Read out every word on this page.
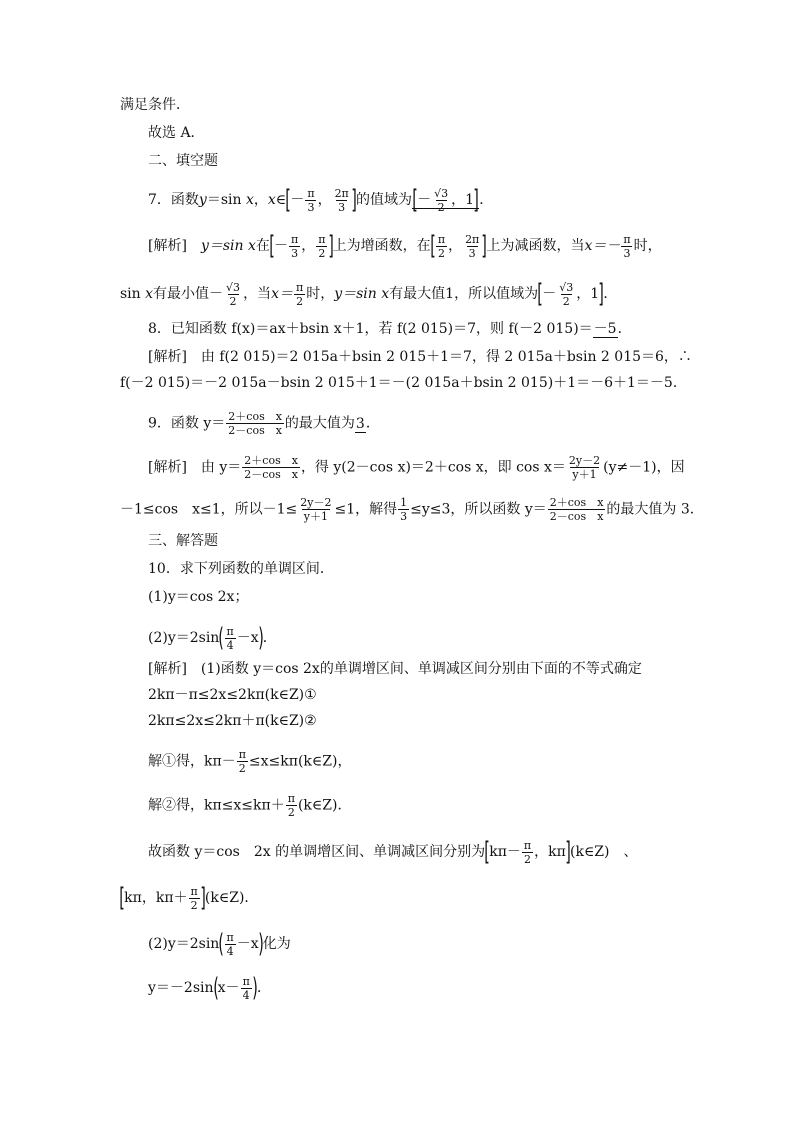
满足条件．
故选 A．
二、填空题
7．函数y＝sin x，x∈[－ $\frac{\pi}{3}$ ， $\frac{2\pi}{3}$ ]的值域为[－ $\frac{√3}{2}$ ，1]．
[解析]　 y＝sin x在[－ $\frac{\pi}{3}$ ， $\frac{\pi}{2}$ ]上为增函数，在[ $\frac{\pi}{2}$ ， $\frac{2\pi}{3}$ ]上为减函数，当$x=- \frac{\pi}{3}$ 时，
sin x有最小值－ $\frac{√3}{2}$ ，当$x= \frac{\pi}{2}$ 时，y＝sin x有最大值1，所以值域为[－ $\frac{√3}{2}$ ，1]．
8．已知函数 f(x)＝ax＋bsin x＋1，若 f(2 015)＝7，则 f(－2 015)＝－5．
[解析]　由 f(2 015)＝2 015a＋bsin 2 015＋1＝7，得 2 015a＋bsin 2 015＝6，∴
f(－2 015)＝－2 015a－bsin 2 015＋1＝－(2 015a＋bsin 2 015)＋1＝－6＋1＝－5．
9．函数 $y= \frac{\text{2＋cos　x}}{\text{2－cos　x}}$ 的最大值为3．
[解析]　由 $y= \frac{\text{2＋cos　x}}{\text{2－cos　x}}$ ，得 y(2－cos x)＝2＋cos x，即 $\cos x= \frac{2y-2}{y+1} (y\ne-1)$，因
－1≤cos　x≤1，所以$-1\le \frac{2y-2}{y+1} \le 1$，解得 $\frac{1}{3} \le y\le 3$，所以函数 $y= \frac{\text{2＋cos　x}}{\text{2－cos　x}}$ 的最大值为 3．
三、解答题
10．求下列函数的单调区间．
(1)y＝cos 2x；
$(2)y=2\sin( \frac{\pi}{4} -x)$．
[解析]　(1)函数 y＝cos 2x的单调增区间、单调减区间分别由下面的不等式确定
2kπ－π≤2x≤2kπ(k∈Z)①
2kπ≤2x≤2kπ＋π(k∈Z)②
解①得，$k\pi- \frac{\pi}{2}$ ≤x≤kπ(k∈Z)，
解②得，$k\pi\le x\le k\pi+ \frac{\pi}{2}$ (k∈Z)．
故函数 y＝cos　2x 的单调增区间、单调减区间分别为[$k\pi- \frac{\pi}{2}$ ，kπ](k∈Z)　、
[kπ，$k\pi+ \frac{\pi}{2}$ ](k∈Z)．
$(2)y=2\sin( \frac{\pi}{4} -x)$化为
$y=-2\sin(x- \frac{\pi}{4}$ )．
